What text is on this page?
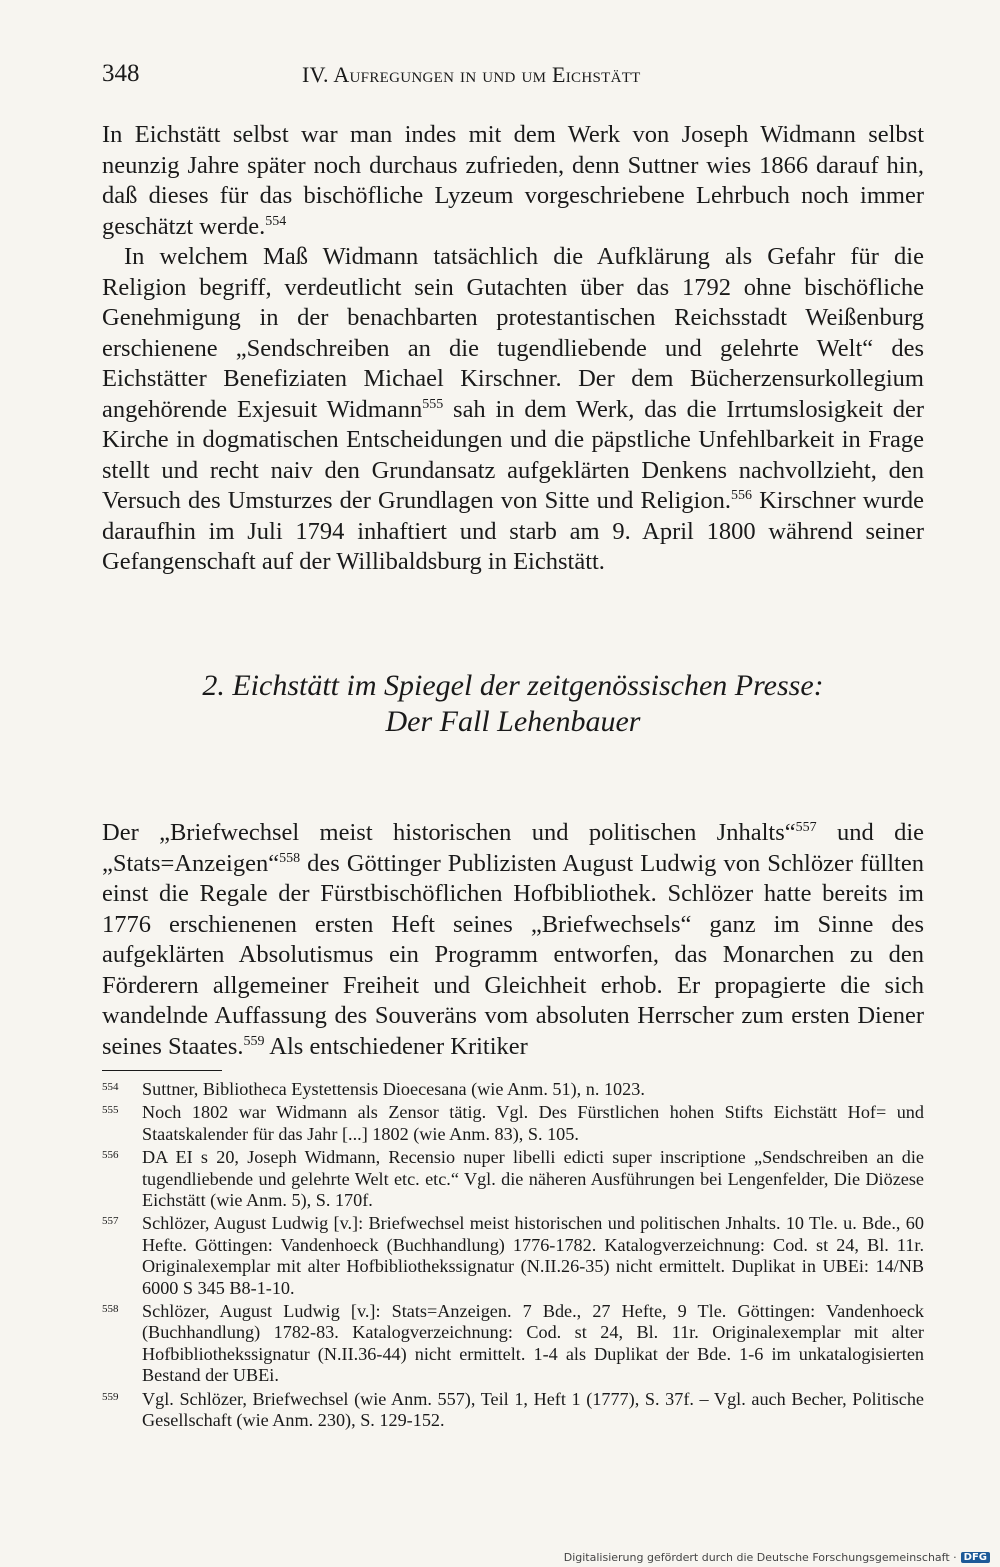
348	IV. Aufregungen in und um Eichstätt

In Eichstätt selbst war man indes mit dem Werk von Joseph Widmann selbst neunzig Jahre später noch durchaus zufrieden, denn Suttner wies 1866 darauf hin, daß dieses für das bischöfliche Lyzeum vorgeschriebene Lehrbuch noch immer geschätzt werde.$^{554}$

In welchem Maß Widmann tatsächlich die Aufklärung als Gefahr für die Religion begriff, verdeutlicht sein Gutachten über das 1792 ohne bischöfliche Genehmigung in der benachbarten protestantischen Reichsstadt Weißenburg erschienene „Sendschreiben an die tugendliebende und gelehrte Welt“ des Eichstätter Benefiziaten Michael Kirschner. Der dem Bücherzensurkollegium angehörende Exjesuit Widmann$^{555}$ sah in dem Werk, das die Irrtumslosigkeit der Kirche in dogmatischen Entscheidungen und die päpstliche Unfehlbarkeit in Frage stellt und recht naiv den Grundansatz aufgeklärten Denkens nachvollzieht, den Versuch des Umsturzes der Grundlagen von Sitte und Religion.$^{556}$ Kirschner wurde daraufhin im Juli 1794 inhaftiert und starb am 9. April 1800 während seiner Gefangenschaft auf der Willibaldsburg in Eichstätt.

2. Eichstätt im Spiegel der zeitgenössischen Presse:
Der Fall Lehenbauer

Der „Briefwechsel meist historischen und politischen Jnhalts“$^{557}$ und die „Stats=Anzeigen“$^{558}$ des Göttinger Publizisten August Ludwig von Schlözer füllten einst die Regale der Fürstbischöflichen Hofbibliothek. Schlözer hatte bereits im 1776 erschienenen ersten Heft seines „Briefwechsels“ ganz im Sinne des aufgeklärten Absolutismus ein Programm entworfen, das Monarchen zu den Förderern allgemeiner Freiheit und Gleichheit erhob. Er propagierte die sich wandelnde Auffassung des Souveräns vom absoluten Herrscher zum ersten Diener seines Staates.$^{559}$ Als entschiedener Kritiker

554	Suttner, Bibliotheca Eystettensis Dioecesana (wie Anm. 51), n. 1023.
555	Noch 1802 war Widmann als Zensor tätig. Vgl. Des Fürstlichen hohen Stifts Eichstätt Hof= und Staatskalender für das Jahr [...] 1802 (wie Anm. 83), S. 105.
556	DA EI s 20, Joseph Widmann, Recensio nuper libelli edicti super inscriptione „Sendschreiben an die tugendliebende und gelehrte Welt etc. etc.“ Vgl. die näheren Ausführungen bei Lengenfelder, Die Diözese Eichstätt (wie Anm. 5), S. 170f.
557	Schlözer, August Ludwig [v.]: Briefwechsel meist historischen und politischen Jnhalts. 10 Tle. u. Bde., 60 Hefte. Göttingen: Vandenhoeck (Buchhandlung) 1776-1782. Katalogverzeichnung: Cod. st 24, Bl. 11r. Originalexemplar mit alter Hofbibliothekssignatur (N.II.26-35) nicht ermittelt. Duplikat in UBEi: 14/NB 6000 S 345 B8-1-10.
558	Schlözer, August Ludwig [v.]: Stats=Anzeigen. 7 Bde., 27 Hefte, 9 Tle. Göttingen: Vandenhoeck (Buchhandlung) 1782-83. Katalogverzeichnung: Cod. st 24, Bl. 11r. Originalexemplar mit alter Hofbibliothekssignatur (N.II.36-44) nicht ermittelt. 1-4 als Duplikat der Bde. 1-6 im unkatalogisierten Bestand der UBEi.
559	Vgl. Schlözer, Briefwechsel (wie Anm. 557), Teil 1, Heft 1 (1777), S. 37f. – Vgl. auch Becher, Politische Gesellschaft (wie Anm. 230), S. 129-152.
Digitalisierung gefördert durch die Deutsche Forschungsgemeinschaft · DFG
